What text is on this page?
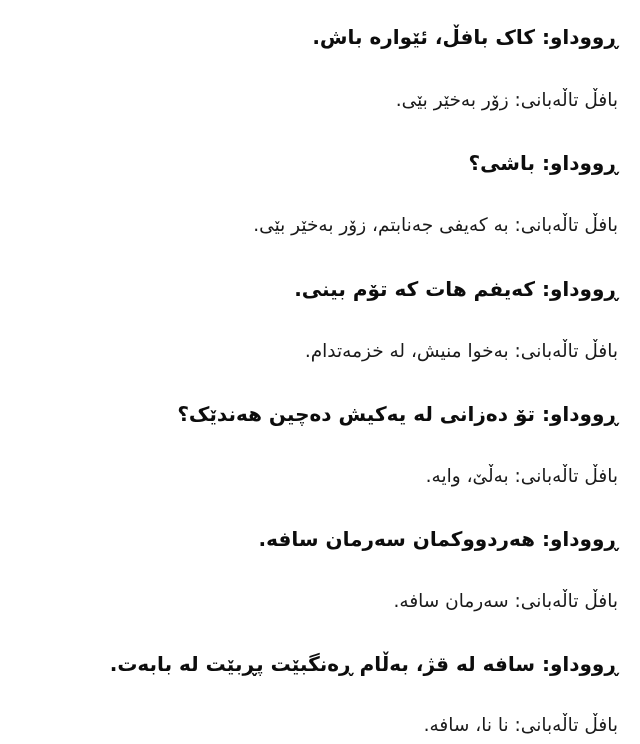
ڕووداو: کاک بافڵ، ئێوارە باش.
بافڵ تاڵەبانی: زۆر بەخێر بێی.
ڕووداو: باشی؟
بافڵ تاڵەبانی: بە کەیفی جەنابتم، زۆر بەخێر بێی.
ڕووداو: کەیفم هات کە تۆم بینی.
بافڵ تاڵەبانی: بەخوا منیش، لە خزمەتدام.
ڕووداو: تۆ دەزانی لە یەکیش دەچین هەندێک؟
بافڵ تاڵەبانی: بەڵێ، وایە.
ڕووداو: هەردووکمان سەرمان سافە.
بافڵ تاڵەبانی: سەرمان سافە.
ڕووداو: سافە لە قژ، بەڵام ڕەنگبێت پڕبێت لە بابەت.
بافڵ تاڵەبانی: نا نا، سافە.
